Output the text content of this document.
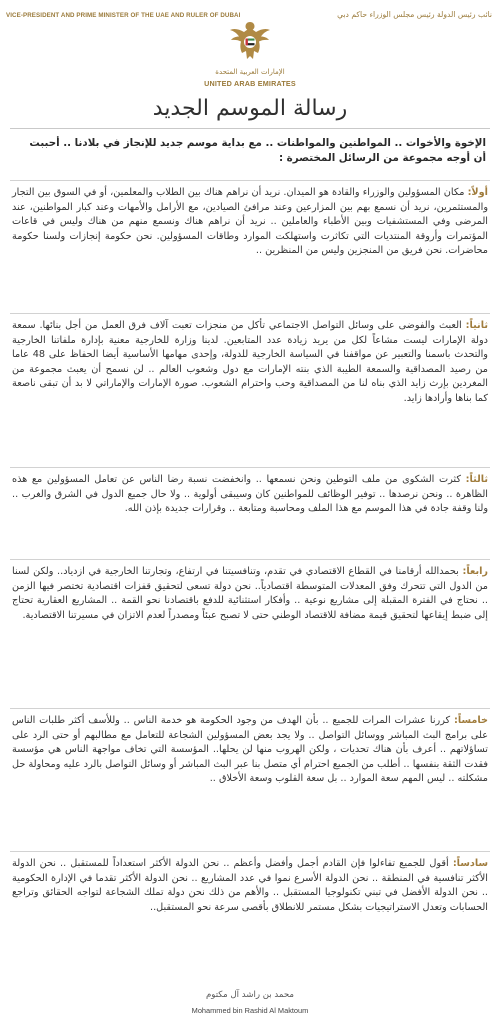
VICE-PRESIDENT AND PRIME MINISTER OF THE UAE AND RULER OF DUBAI	نائب رئيس الدولة رئيس مجلس الوزراء حاكم دبي
الإمارات العربية المتحدة
UNITED ARAB EMIRATES
رسالة الموسم الجديد
الإخوة والأخوات .. المواطنين والمواطنات .. مع بداية موسم جديد للإنجاز في بلادنا .. أحببت أن أوجه مجموعة من الرسائل المختصرة :
أولاً: مكان المسؤولين والوزراء والقادة هو الميدان. نريد أن نراهم هناك بين الطلاب والمعلمين، أو في السوق بين التجار والمستثمرين، نريد أن نسمع بهم بين المزارعين وعند مرافئ الصيادين، مع الأرامل والأمهات وعند كبار المواطنين، عند المرضى وفي المستشفيات وبين الأطباء والعاملين .. نريد أن نراهم هناك ونسمع منهم من هناك وليس في قاعات المؤتمرات وأروقة المنتديات التي تكاثرت واستهلكت الموارد وطاقات المسؤولين. نحن حكومة إنجازات ولسنا حكومة محاضرات. نحن فريق من المنجزين وليس من المنظرين ..
ثانياً: العبث والفوضى على وسائل التواصل الاجتماعي تأكل من منجزات تعبت آلاف فرق العمل من أجل بنائها. سمعة دولة الإمارات ليست مشاعاً لكل من يريد زيادة عدد المتابعين. لدينا وزارة للخارجية معنية بإدارة ملفاتنا الخارجية والتحدث باسمنا والتعبير عن مواقفنا في السياسة الخارجية للدولة، وإحدى مهامها الأساسية أيضا الحفاظ على 48 عاما من رصيد المصداقية والسمعة الطيبة الذي بنته الإمارات مع دول وشعوب العالم .. لن نسمح أن يعبث مجموعة من المغردين بإرث زايد الذي بناه لنا من المصداقية وحب واحترام الشعوب. صورة الإمارات والإماراتي لا بد أن تبقى ناصعة كما بناها وأرادها زايد.
ثالثاً: كثرت الشكوى من ملف التوطين ونحن نسمعها .. وانخفضت نسبة رضا الناس عن تعامل المسؤولين مع هذه الظاهرة .. ونحن نرصدها .. توفير الوظائف للمواطنين كان وسيبقى أولوية .. ولا حال جميع الدول في الشرق والغرب .. ولنا وقفة جادة في هذا الموسم مع هذا الملف ومحاسبة ومتابعة .. وقرارات جديدة بإذن الله.
رابعاً: بحمدالله أرقامنا في القطاع الاقتصادي في تقدم، وتنافسيتنا في ارتفاع، وتجارتنا الخارجية في ازدياد.. ولكن لسنا من الدول التي تتحرك وفق المعدلات المتوسطة اقتصادياً.. نحن دولة تسعى لتحقيق قفزات اقتصادية تختصر فيها الزمن .. نحتاج في الفترة المقبلة إلى مشاريع نوعية .. وأفكار استثنائية للدفع باقتصادنا نحو القمة .. المشاريع العقارية تحتاج إلى ضبط إيقاعها لتحقيق قيمة مضافة للاقتصاد الوطني حتى لا تصبح عبئاً ومصدراً لعدم الاتزان في مسيرتنا الاقتصادية.
خامساً: كررنا عشرات المرات للجميع .. بأن الهدف من وجود الحكومة هو خدمة الناس .. وللأسف أكثر طلبات الناس على برامج البث المباشر ووسائل التواصل .. ولا يجد بعض المسؤولين الشجاعة للتعامل مع مطالبهم أو حتى الرد على تساؤلاتهم .. أعرف بأن هناك تحديات ، ولكن الهروب منها لن يحلها.. المؤسسة التي تخاف مواجهة الناس هي مؤسسة فقدت الثقة بنفسها .. أطلب من الجميع احترام أي متصل بنا عبر البث المباشر أو وسائل التواصل بالرد عليه ومحاولة حل مشكلته .. ليس المهم سعة الموارد .. بل سعة القلوب وسعة الأخلاق ..
سادساً: أقول للجميع تفاءلوا فإن القادم أجمل وأفضل وأعظم .. نحن الدولة الأكثر استعداداً للمستقبل .. نحن الدولة الأكثر تنافسية في المنطقة .. نحن الدولة الأسرع نموا في عدد المشاريع .. نحن الدولة الأكثر تقدما في الإدارة الحكومية .. نحن الدولة الأفضل في تبني تكنولوجيا المستقبل .. والأهم من ذلك نحن دولة تملك الشجاعة لتواجه الحقائق وتراجع الحسابات وتعدل الاستراتيجيات بشكل مستمر للانطلاق بأقصى سرعة نحو المستقبل..
محمد بن راشد آل مكتوم
Mohammed bin Rashid Al Maktoum
